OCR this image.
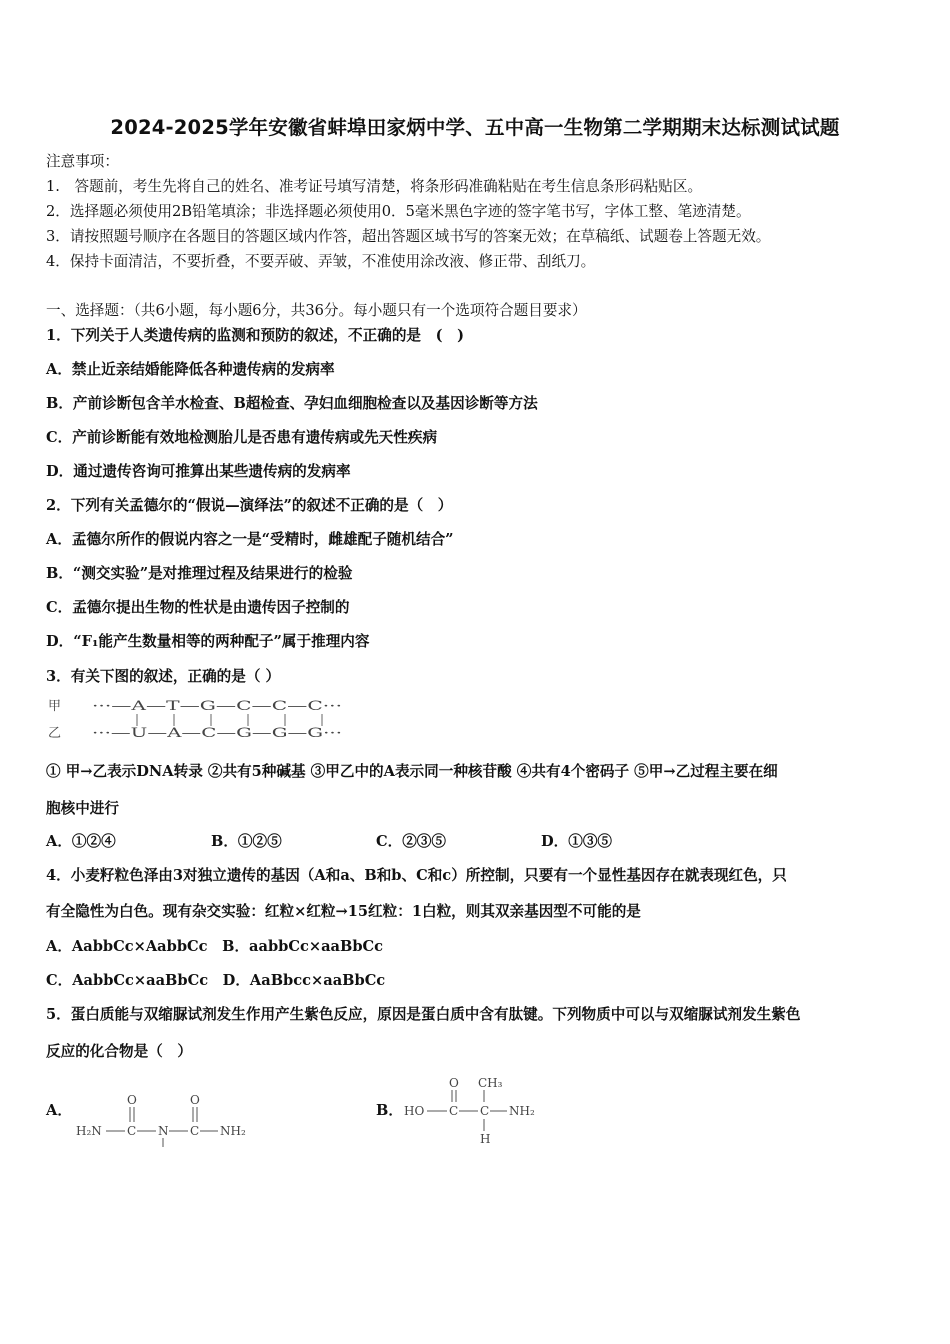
2024-2025学年安徽省蚌埠田家炳中学、五中高一生物第二学期期末达标测试试题
注意事项：
1.　答题前，考生先将自己的姓名、准考证号填写清楚，将条形码准确粘贴在考生信息条形码粘贴区。
2．选择题必须使用2B铅笔填涂；非选择题必须使用0．5毫米黑色字迹的签字笔书写，字体工整、笔迹清楚。
3．请按照题号顺序在各题目的答题区域内作答，超出答题区域书写的答案无效；在草稿纸、试题卷上答题无效。
4．保持卡面清洁，不要折叠，不要弄破、弄皱，不准使用涂改液、修正带、刮纸刀。
一、选择题：（共6小题，每小题6分，共36分。每小题只有一个选项符合题目要求）
1．下列关于人类遗传病的监测和预防的叙述，不正确的是　(　)
A．禁止近亲结婚能降低各种遗传病的发病率
B．产前诊断包含羊水检查、B超检查、孕妇血细胞检查以及基因诊断等方法
C．产前诊断能有效地检测胎儿是否患有遗传病或先天性疾病
D．通过遗传咨询可推算出某些遗传病的发病率
2．下列有关孟德尔的“假说—演绎法”的叙述不正确的是（　）
A．孟德尔所作的假说内容之一是“受精时，雌雄配子随机结合”
B．“测交实验”是对推理过程及结果进行的检验
C．孟德尔提出生物的性状是由遗传因子控制的
D．“F₁能产生数量相等的两种配子”属于推理内容
3．有关下图的叙述，正确的是（ ）
甲
乙
···—A—T—G—C—C—C···
···—U—A—C—G—G—G···
① 甲→乙表示DNA转录 ②共有5种碱基 ③甲乙中的A表示同一种核苷酸 ④共有4个密码子 ⑤甲→乙过程主要在细
胞核中进行
A．①②④	B．①②⑤	C．②③⑤	D．①③⑤
4．小麦籽粒色泽由3对独立遗传的基因（A和a、B和b、C和c）所控制，只要有一个显性基因存在就表现红色，只
有全隐性为白色。现有杂交实验：红粒×红粒→15红粒：1白粒，则其双亲基因型不可能的是
A．AabbCc×AabbCc　B．aabbCc×aaBbCc
C．AabbCc×aaBbCc　D．AaBbcc×aaBbCc
5．蛋白质能与双缩脲试剂发生作用产生紫色反应，原因是蛋白质中含有肽键。下列物质中可以与双缩脲试剂发生紫色
反应的化合物是（　）
A．
H₂N C N C NH₂
O	O
B． HO C C NH₂
O CH₃
H
